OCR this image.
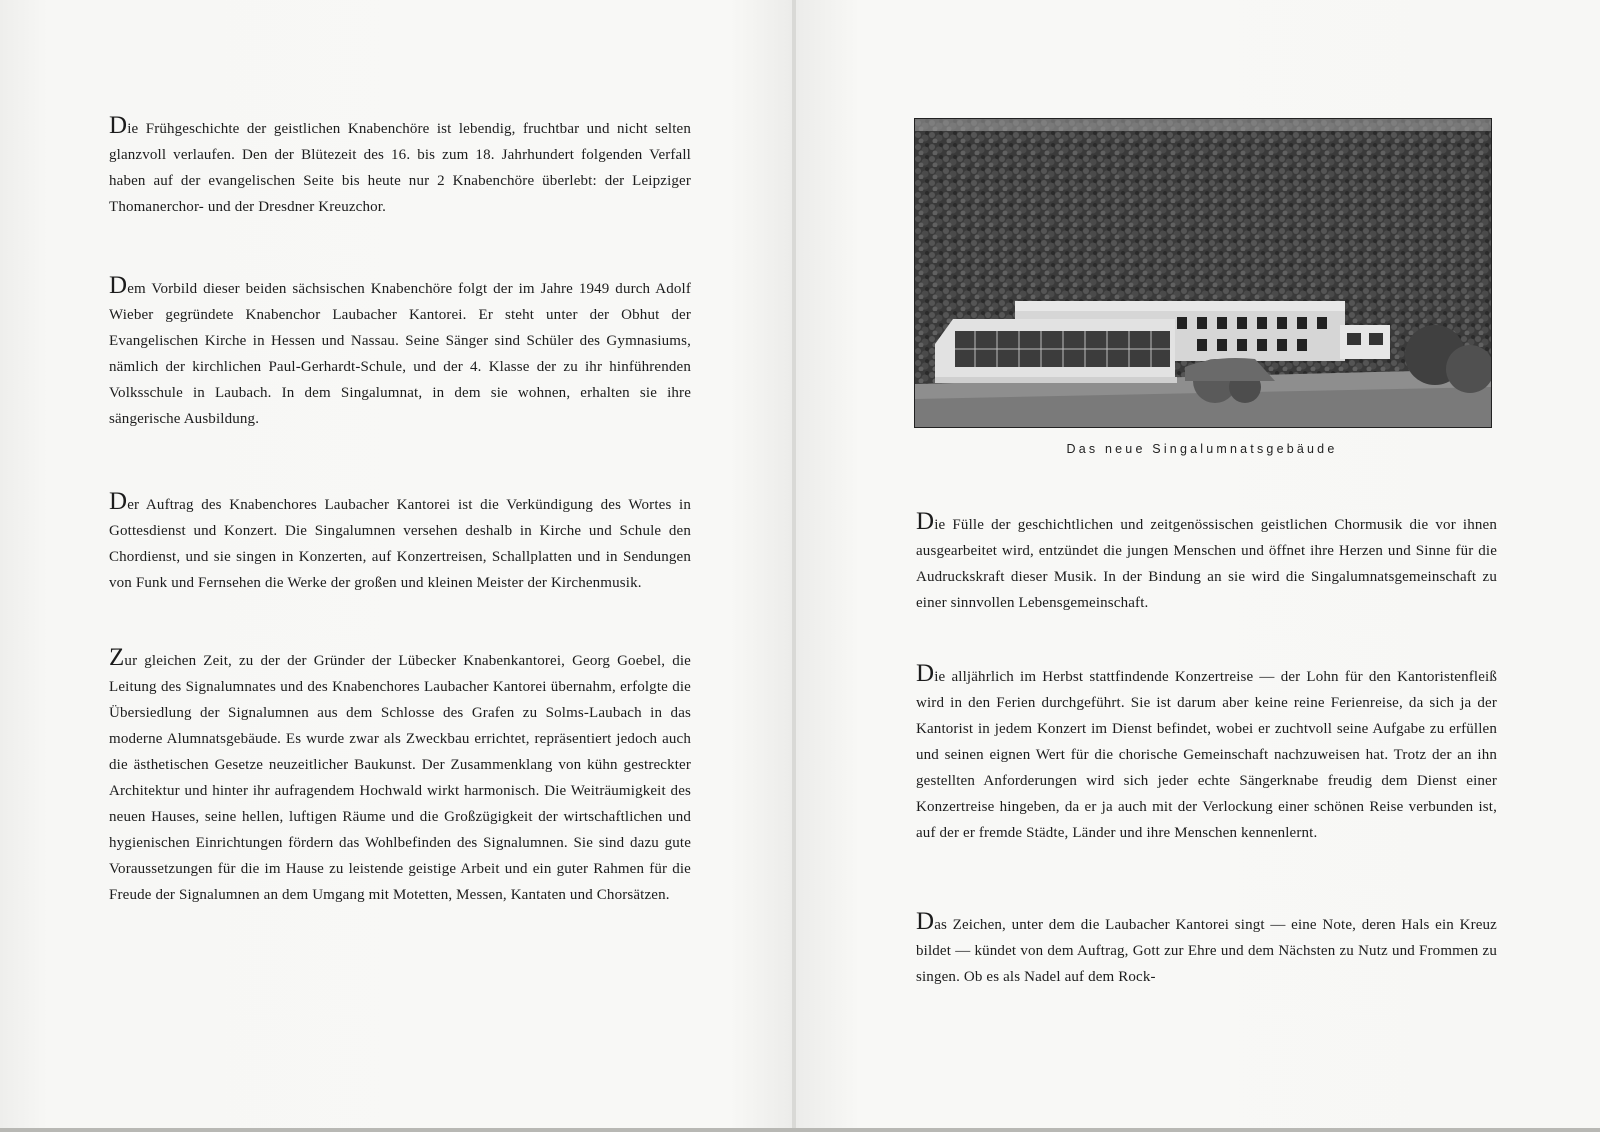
Die Frühgeschichte der geistlichen Knabenchöre ist lebendig, fruchtbar und nicht selten glanzvoll verlaufen. Den der Blütezeit des 16. bis zum 18. Jahrhundert folgenden Verfall haben auf der evangelischen Seite bis heute nur 2 Knabenchöre überlebt: der Leipziger Thomanerchor- und der Dresdner Kreuzchor.

Dem Vorbild dieser beiden sächsischen Knabenchöre folgt der im Jahre 1949 durch Adolf Wieber gegründete Knabenchor Laubacher Kantorei. Er steht unter der Obhut der Evangelischen Kirche in Hessen und Nassau. Seine Sänger sind Schüler des Gymnasiums, nämlich der kirchlichen Paul-Gerhardt-Schule, und der 4. Klasse der zu ihr hinführenden Volksschule in Laubach. In dem Singalumnat, in dem sie wohnen, erhalten sie ihre sängerische Ausbildung.

Der Auftrag des Knabenchores Laubacher Kantorei ist die Verkündigung des Wortes in Gottesdienst und Konzert. Die Singalumnen versehen deshalb in Kirche und Schule den Chordienst, und sie singen in Konzerten, auf Konzertreisen, Schallplatten und in Sendungen von Funk und Fernsehen die Werke der großen und kleinen Meister der Kirchenmusik.

Zur gleichen Zeit, zu der der Gründer der Lübecker Knabenkantorei, Georg Goebel, die Leitung des Signalumnates und des Knabenchores Laubacher Kantorei übernahm, erfolgte die Übersiedlung der Signalumnen aus dem Schlosse des Grafen zu Solms-Laubach in das moderne Alumnatsgebäude. Es wurde zwar als Zweckbau errichtet, repräsentiert jedoch auch die ästhetischen Gesetze neuzeitlicher Baukunst. Der Zusammenklang von kühn gestreckter Architektur und hinter ihr aufragendem Hochwald wirkt harmonisch. Die Weiträumigkeit des neuen Hauses, seine hellen, luftigen Räume und die Großzügigkeit der wirtschaftlichen und hygienischen Einrichtungen fördern das Wohlbefinden des Signalumnen. Sie sind dazu gute Voraussetzungen für die im Hause zu leistende geistige Arbeit und ein guter Rahmen für die Freude der Signalumnen an dem Umgang mit Motetten, Messen, Kantaten und Chorsätzen.

Das neue Singalumnatsgebäude

Die Fülle der geschichtlichen und zeitgenössischen geistlichen Chormusik die vor ihnen ausgearbeitet wird, entzündet die jungen Menschen und öffnet ihre Herzen und Sinne für die Audruckskraft dieser Musik. In der Bindung an sie wird die Singalumnatsgemeinschaft zu einer sinnvollen Lebensgemeinschaft.

Die alljährlich im Herbst stattfindende Konzertreise — der Lohn für den Kantoristenfleiß wird in den Ferien durchgeführt. Sie ist darum aber keine reine Ferienreise, da sich ja der Kantorist in jedem Konzert im Dienst befindet, wobei er zuchtvoll seine Aufgabe zu erfüllen und seinen eignen Wert für die chorische Gemeinschaft nachzuweisen hat. Trotz der an ihn gestellten Anforderungen wird sich jeder echte Sängerknabe freudig dem Dienst einer Konzertreise hingeben, da er ja auch mit der Verlockung einer schönen Reise verbunden ist, auf der er fremde Städte, Länder und ihre Menschen kennenlernt.

Das Zeichen, unter dem die Laubacher Kantorei singt — eine Note, deren Hals ein Kreuz bildet — kündet von dem Auftrag, Gott zur Ehre und dem Nächsten zu Nutz und Frommen zu singen. Ob es als Nadel auf dem Rock-
